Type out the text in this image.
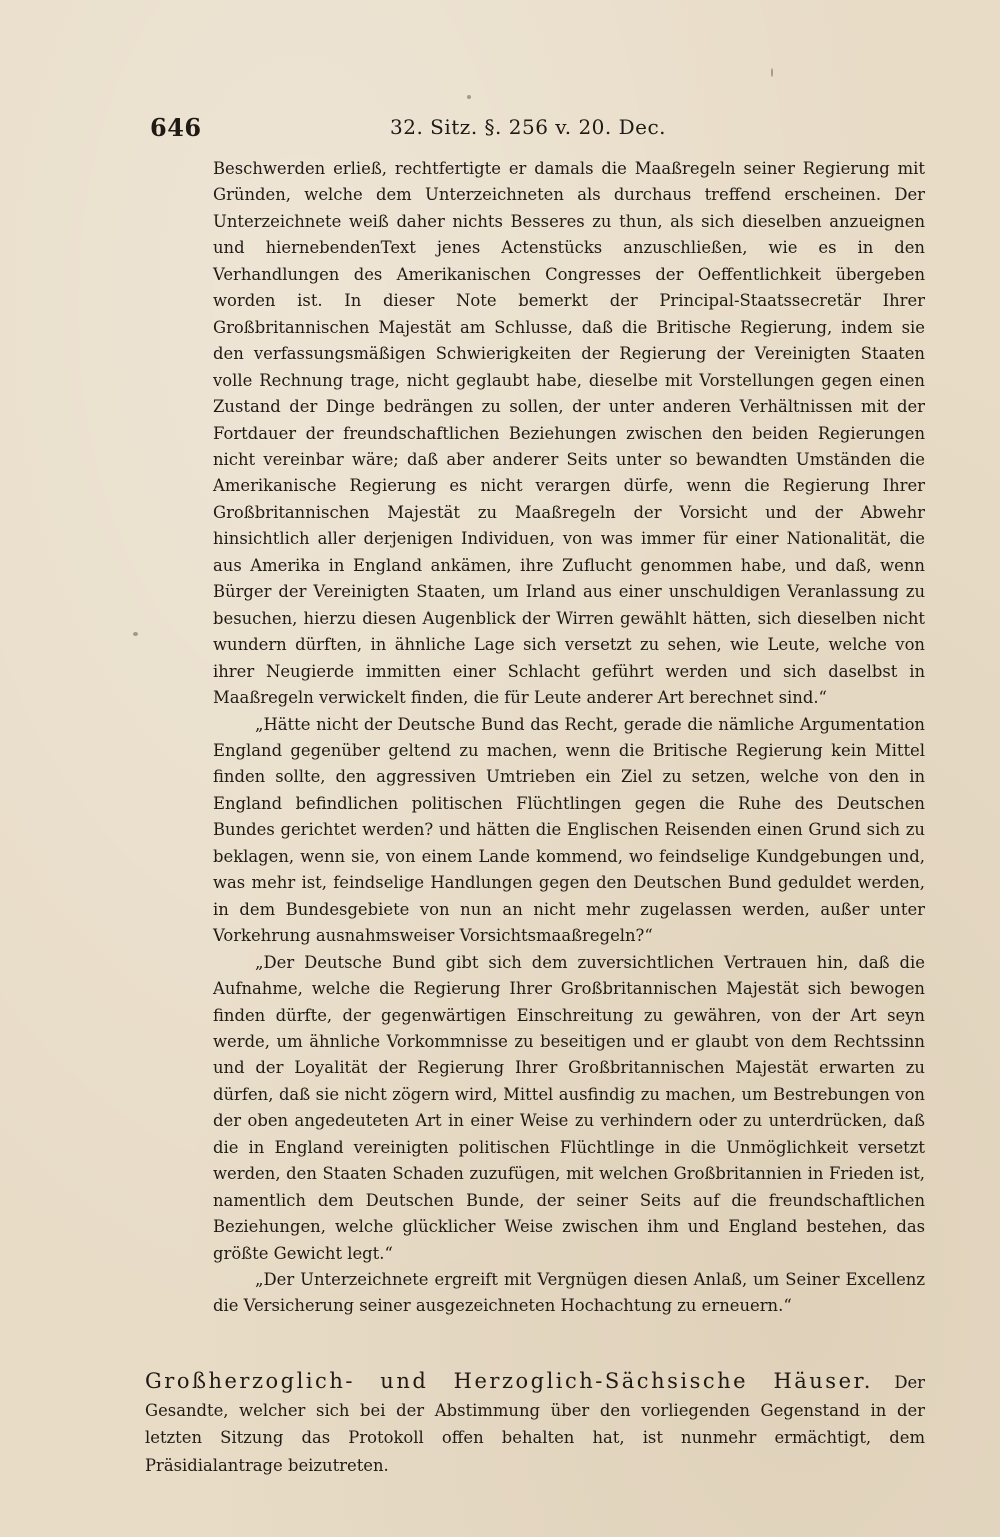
646	32. Sitz. §. 256 v. 20. Dec.

Beschwerden erließ, rechtfertigte er damals die Maaßregeln seiner Regierung mit Gründen, welche dem Unterzeichneten als durchaus treffend erscheinen. Der Unterzeichnete weiß daher nichts Besseres zu thun, als sich dieselben anzueignen und hiernebendenText jenes Actenstücks anzuschließen, wie es in den Verhandlungen des Amerikanischen Congresses der Oeffentlichkeit übergeben worden ist. In dieser Note bemerkt der Principal-Staatssecretär Ihrer Großbritannischen Majestät am Schlusse, daß die Britische Regierung, indem sie den verfassungsmäßigen Schwierigkeiten der Regierung der Vereinigten Staaten volle Rechnung trage, nicht geglaubt habe, dieselbe mit Vorstellungen gegen einen Zustand der Dinge bedrängen zu sollen, der unter anderen Verhältnissen mit der Fortdauer der freundschaftlichen Beziehungen zwischen den beiden Regierungen nicht vereinbar wäre; daß aber anderer Seits unter so bewandten Umständen die Amerikanische Regierung es nicht verargen dürfe, wenn die Regierung Ihrer Großbritannischen Majestät zu Maaßregeln der Vorsicht und der Abwehr hinsichtlich aller derjenigen Individuen, von was immer für einer Nationalität, die aus Amerika in England ankämen, ihre Zuflucht genommen habe, und daß, wenn Bürger der Vereinigten Staaten, um Irland aus einer unschuldigen Veranlassung zu besuchen, hierzu diesen Augenblick der Wirren gewählt hätten, sich dieselben nicht wundern dürften, in ähnliche Lage sich versetzt zu sehen, wie Leute, welche von ihrer Neugierde immitten einer Schlacht geführt werden und sich daselbst in Maaßregeln verwickelt finden, die für Leute anderer Art berechnet sind.“

„Hätte nicht der Deutsche Bund das Recht, gerade die nämliche Argumentation England gegenüber geltend zu machen, wenn die Britische Regierung kein Mittel finden sollte, den aggressiven Umtrieben ein Ziel zu setzen, welche von den in England befindlichen politischen Flüchtlingen gegen die Ruhe des Deutschen Bundes gerichtet werden? und hätten die Englischen Reisenden einen Grund sich zu beklagen, wenn sie, von einem Lande kommend, wo feindselige Kundgebungen und, was mehr ist, feindselige Handlungen gegen den Deutschen Bund geduldet werden, in dem Bundesgebiete von nun an nicht mehr zugelassen werden, außer unter Vorkehrung ausnahmsweiser Vorsichtsmaaßregeln?“

„Der Deutsche Bund gibt sich dem zuversichtlichen Vertrauen hin, daß die Aufnahme, welche die Regierung Ihrer Großbritannischen Majestät sich bewogen finden dürfte, der gegenwärtigen Einschreitung zu gewähren, von der Art seyn werde, um ähnliche Vorkommnisse zu beseitigen und er glaubt von dem Rechtssinn und der Loyalität der Regierung Ihrer Großbritannischen Majestät erwarten zu dürfen, daß sie nicht zögern wird, Mittel ausfindig zu machen, um Bestrebungen von der oben angedeuteten Art in einer Weise zu verhindern oder zu unterdrücken, daß die in England vereinigten politischen Flüchtlinge in die Unmöglichkeit versetzt werden, den Staaten Schaden zuzufügen, mit welchen Großbritannien in Frieden ist, namentlich dem Deutschen Bunde, der seiner Seits auf die freundschaftlichen Beziehungen, welche glücklicher Weise zwischen ihm und England bestehen, das größte Gewicht legt.“

„Der Unterzeichnete ergreift mit Vergnügen diesen Anlaß, um Seiner Excellenz die Versicherung seiner ausgezeichneten Hochachtung zu erneuern.“

Großherzoglich- und Herzoglich-Sächsische Häuser. Der Gesandte, welcher sich bei der Abstimmung über den vorliegenden Gegenstand in der letzten Sitzung das Protokoll offen behalten hat, ist nunmehr ermächtigt, dem Präsidialantrage beizutreten.
